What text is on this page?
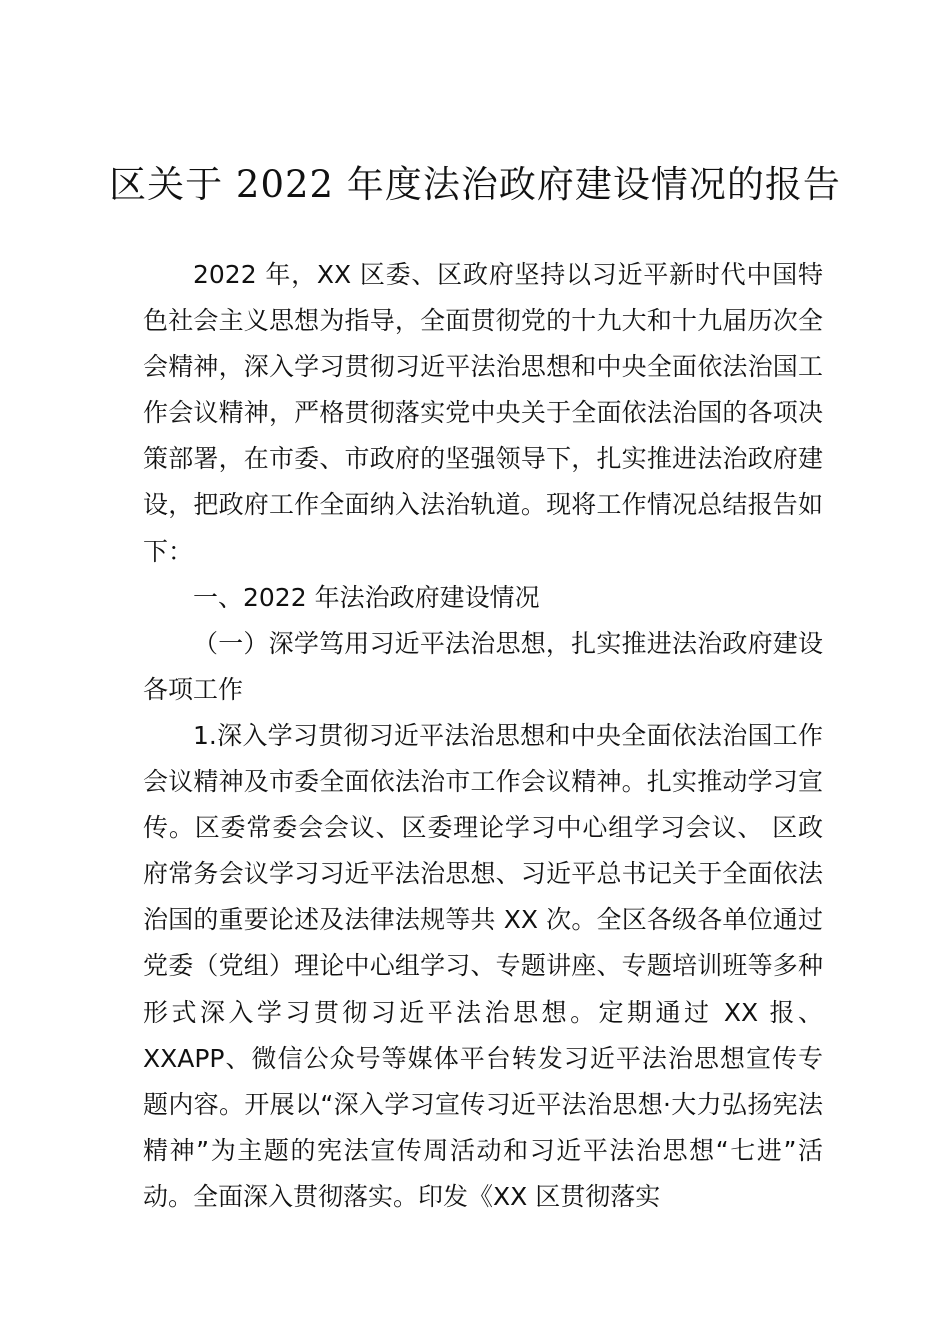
区关于 2022 年度法治政府建设情况的报告

2022 年，XX 区委、区政府坚持以习近平新时代中国特色社会主义思想为指导，全面贯彻党的十九大和十九届历次全会精神，深入学习贯彻习近平法治思想和中央全面依法治国工作会议精神，严格贯彻落实党中央关于全面依法治国的各项决策部署，在市委、市政府的坚强领导下，扎实推进法治政府建设，把政府工作全面纳入法治轨道。现将工作情况总结报告如下：

一、2022 年法治政府建设情况

（一）深学笃用习近平法治思想，扎实推进法治政府建设各项工作

1.深入学习贯彻习近平法治思想和中央全面依法治国工作会议精神及市委全面依法治市工作会议精神。扎实推动学习宣传。区委常委会会议、区委理论学习中心组学习会议、 区政府常务会议学习习近平法治思想、习近平总书记关于全面依法治国的重要论述及法律法规等共 XX 次。全区各级各单位通过党委（党组）理论中心组学习、专题讲座、专题培训班等多种形式深入学习贯彻习近平法治思想。定期通过 XX 报、XXAPP、微信公众号等媒体平台转发习近平法治思想宣传专题内容。开展以“深入学习宣传习近平法治思想·大力弘扬宪法精神”为主题的宪法宣传周活动和习近平法治思想“七进”活动。全面深入贯彻落实。印发《XX 区贯彻落实
